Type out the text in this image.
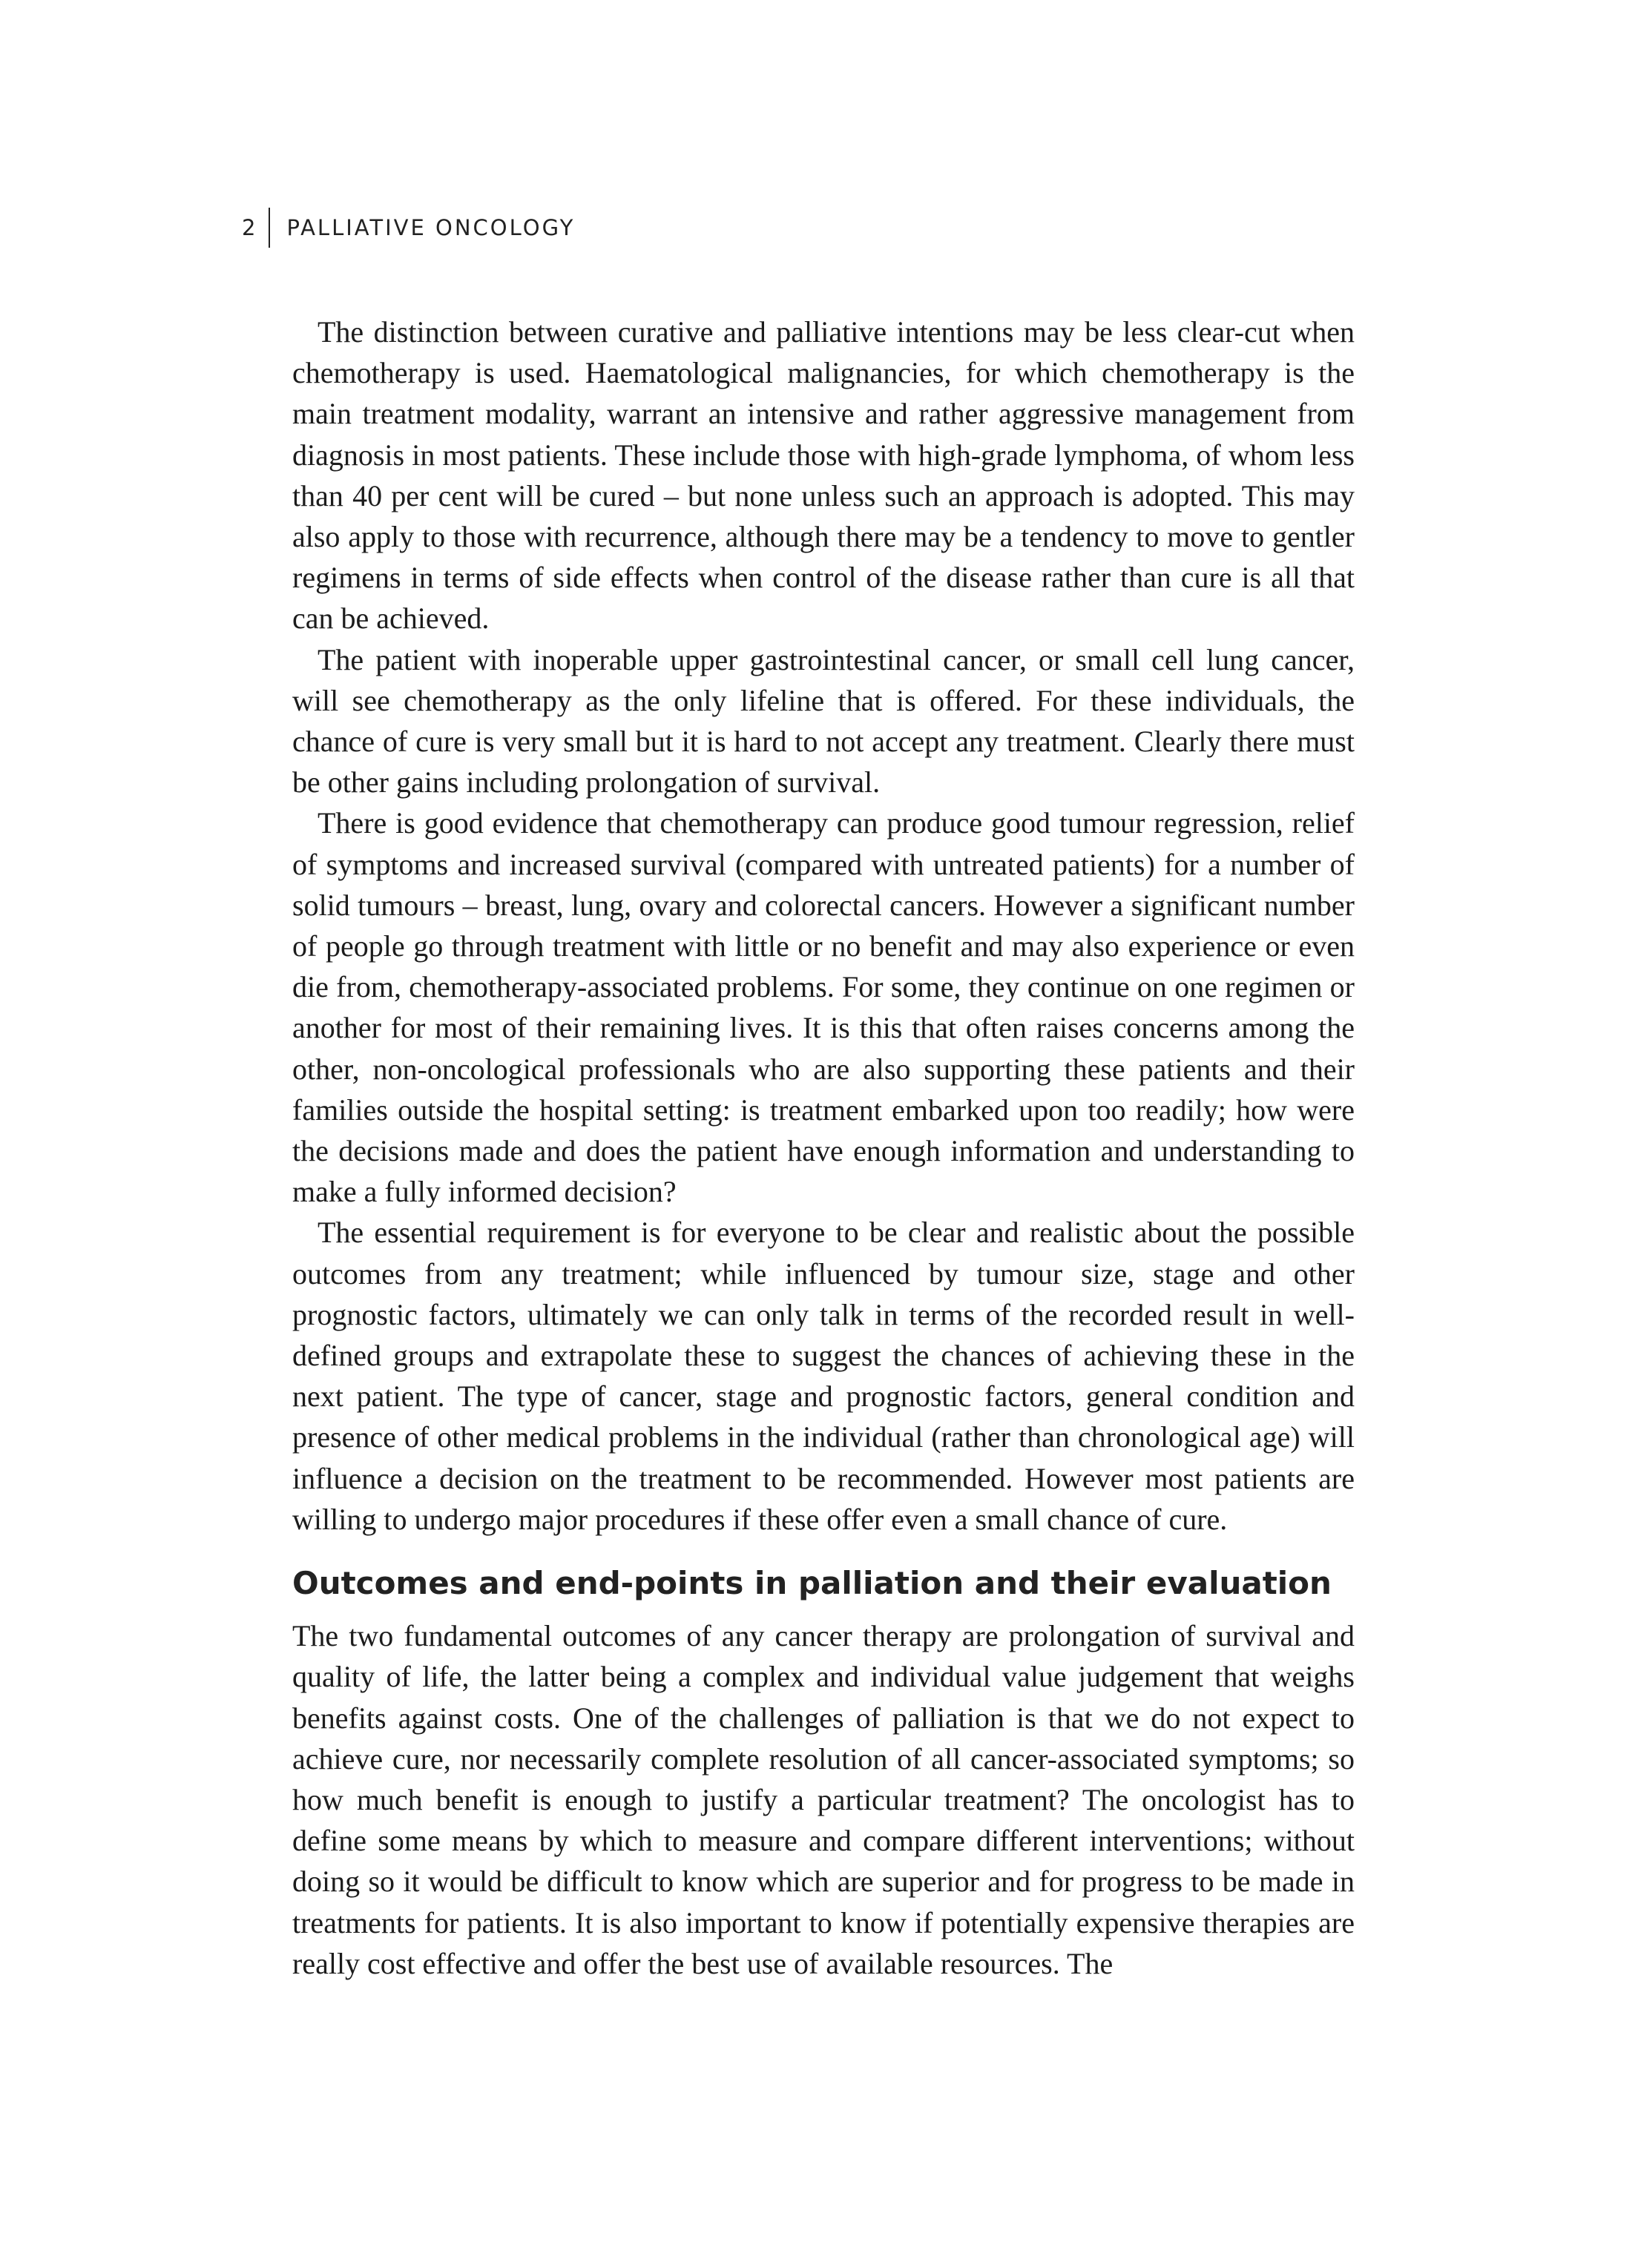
2	PALLIATIVE ONCOLOGY

The distinction between curative and palliative intentions may be less clear-cut when chemotherapy is used. Haematological malignancies, for which chemotherapy is the main treatment modality, warrant an intensive and rather aggressive management from diagnosis in most patients. These include those with high-grade lymphoma, of whom less than 40 per cent will be cured – but none unless such an approach is adopted. This may also apply to those with recurrence, although there may be a tendency to move to gentler regimens in terms of side effects when control of the disease rather than cure is all that can be achieved.

The patient with inoperable upper gastrointestinal cancer, or small cell lung cancer, will see chemotherapy as the only lifeline that is offered. For these individuals, the chance of cure is very small but it is hard to not accept any treatment. Clearly there must be other gains including prolongation of survival.

There is good evidence that chemotherapy can produce good tumour regression, relief of symptoms and increased survival (compared with untreated patients) for a number of solid tumours – breast, lung, ovary and colorectal cancers. However a significant number of people go through treatment with little or no benefit and may also experience or even die from, chemotherapy-associated problems. For some, they continue on one regimen or another for most of their remaining lives. It is this that often raises concerns among the other, non-oncological professionals who are also supporting these patients and their families outside the hospital setting: is treatment embarked upon too readily; how were the decisions made and does the patient have enough information and understanding to make a fully informed decision?

The essential requirement is for everyone to be clear and realistic about the possible outcomes from any treatment; while influenced by tumour size, stage and other prognostic factors, ultimately we can only talk in terms of the recorded result in well-defined groups and extrapolate these to suggest the chances of achieving these in the next patient. The type of cancer, stage and prognostic factors, general condition and presence of other medical problems in the individual (rather than chronological age) will influence a decision on the treatment to be recommended. However most patients are willing to undergo major procedures if these offer even a small chance of cure.

Outcomes and end-points in palliation and their evaluation

The two fundamental outcomes of any cancer therapy are prolongation of survival and quality of life, the latter being a complex and individual value judgement that weighs benefits against costs. One of the challenges of palliation is that we do not expect to achieve cure, nor necessarily complete resolution of all cancer-associated symptoms; so how much benefit is enough to justify a particular treatment? The oncologist has to define some means by which to measure and compare different interventions; without doing so it would be difficult to know which are superior and for progress to be made in treatments for patients. It is also important to know if potentially expensive therapies are really cost effective and offer the best use of available resources. The
